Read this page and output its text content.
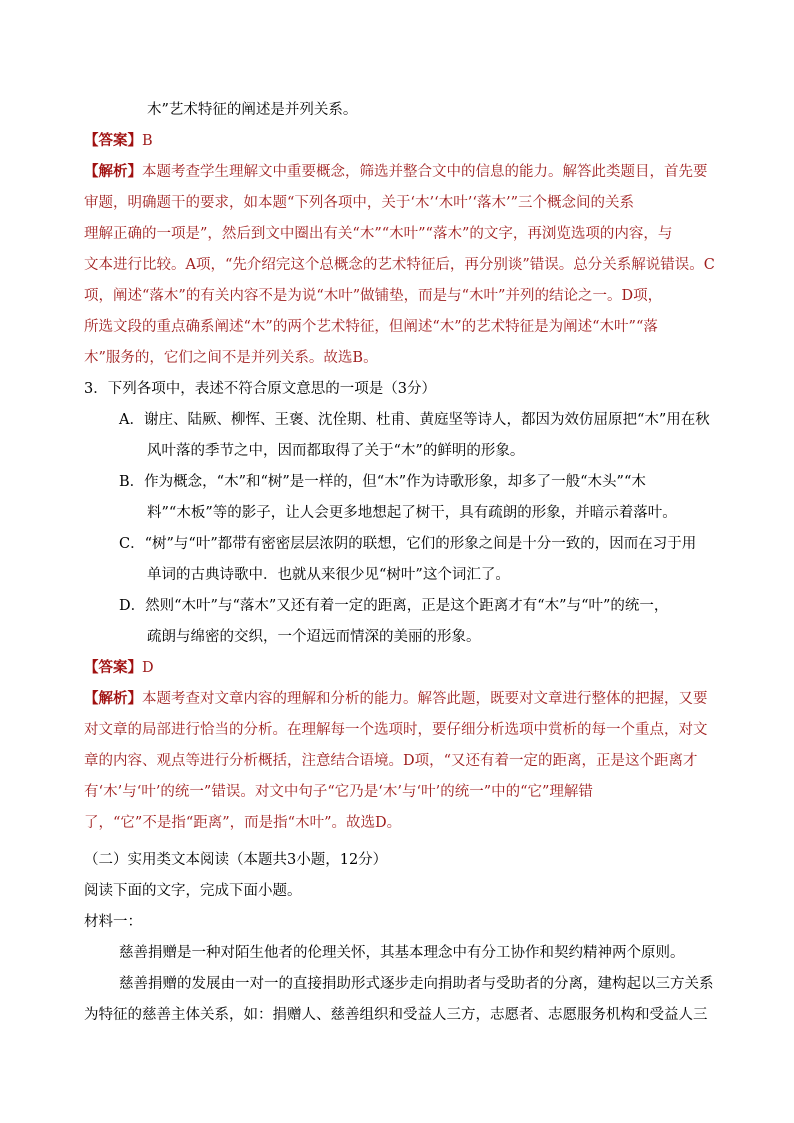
木”艺术特征的阐述是并列关系。
【答案】B
【解析】本题考查学生理解文中重要概念，筛选并整合文中的信息的能力。解答此类题目，首先要
审题，明确题干的要求，如本题“下列各项中，关于‘木’‘木叶’‘落木’”三个概念间的关系
理解正确的一项是”，然后到文中圈出有关“木”“木叶”“落木”的文字，再浏览选项的内容，与
文本进行比较。A项，“先介绍完这个总概念的艺术特征后，再分别谈”错误。总分关系解说错误。C
项，阐述“落木”的有关内容不是为说“木叶”做铺垫，而是与“木叶”并列的结论之一。D项，
所选文段的重点确系阐述“木”的两个艺术特征，但阐述“木”的艺术特征是为阐述“木叶”“落
木”服务的，它们之间不是并列关系。故选B。
3．下列各项中，表述不符合原文意思的一项是（3分）
A．谢庄、陆厥、柳恽、王褒、沈佺期、杜甫、黄庭坚等诗人，都因为效仿屈原把“木”用在秋
风叶落的季节之中，因而都取得了关于“木”的鲜明的形象。
B．作为概念，“木”和“树”是一样的，但“木”作为诗歌形象，却多了一般“木头”“木
料”“木板”等的影子，让人会更多地想起了树干，具有疏朗的形象，并暗示着落叶。
C．“树”与“叶”都带有密密层层浓阴的联想，它们的形象之间是十分一致的，因而在习于用
单词的古典诗歌中．也就从来很少见“树叶”这个词汇了。
D．然则“木叶”与“落木”又还有着一定的距离，正是这个距离才有“木”与“叶”的统一，
疏朗与绵密的交织，一个迢远而情深的美丽的形象。
【答案】D
【解析】本题考查对文章内容的理解和分析的能力。解答此题，既要对文章进行整体的把握，又要
对文章的局部进行恰当的分析。在理解每一个选项时，要仔细分析选项中赏析的每一个重点，对文
章的内容、观点等进行分析概括，注意结合语境。D项，“又还有着一定的距离，正是这个距离才
有‘木’与‘叶’的统一”错误。对文中句子“它乃是‘木’与‘叶’的统一”中的“它”理解错
了，“它”不是指“距离”，而是指“木叶”。故选D。
（二）实用类文本阅读（本题共3小题，12分）
阅读下面的文字，完成下面小题。
材料一：
慈善捐赠是一种对陌生他者的伦理关怀，其基本理念中有分工协作和契约精神两个原则。
慈善捐赠的发展由一对一的直接捐助形式逐步走向捐助者与受助者的分离，建构起以三方关系
为特征的慈善主体关系，如：捐赠人、慈善组织和受益人三方，志愿者、志愿服务机构和受益人三
